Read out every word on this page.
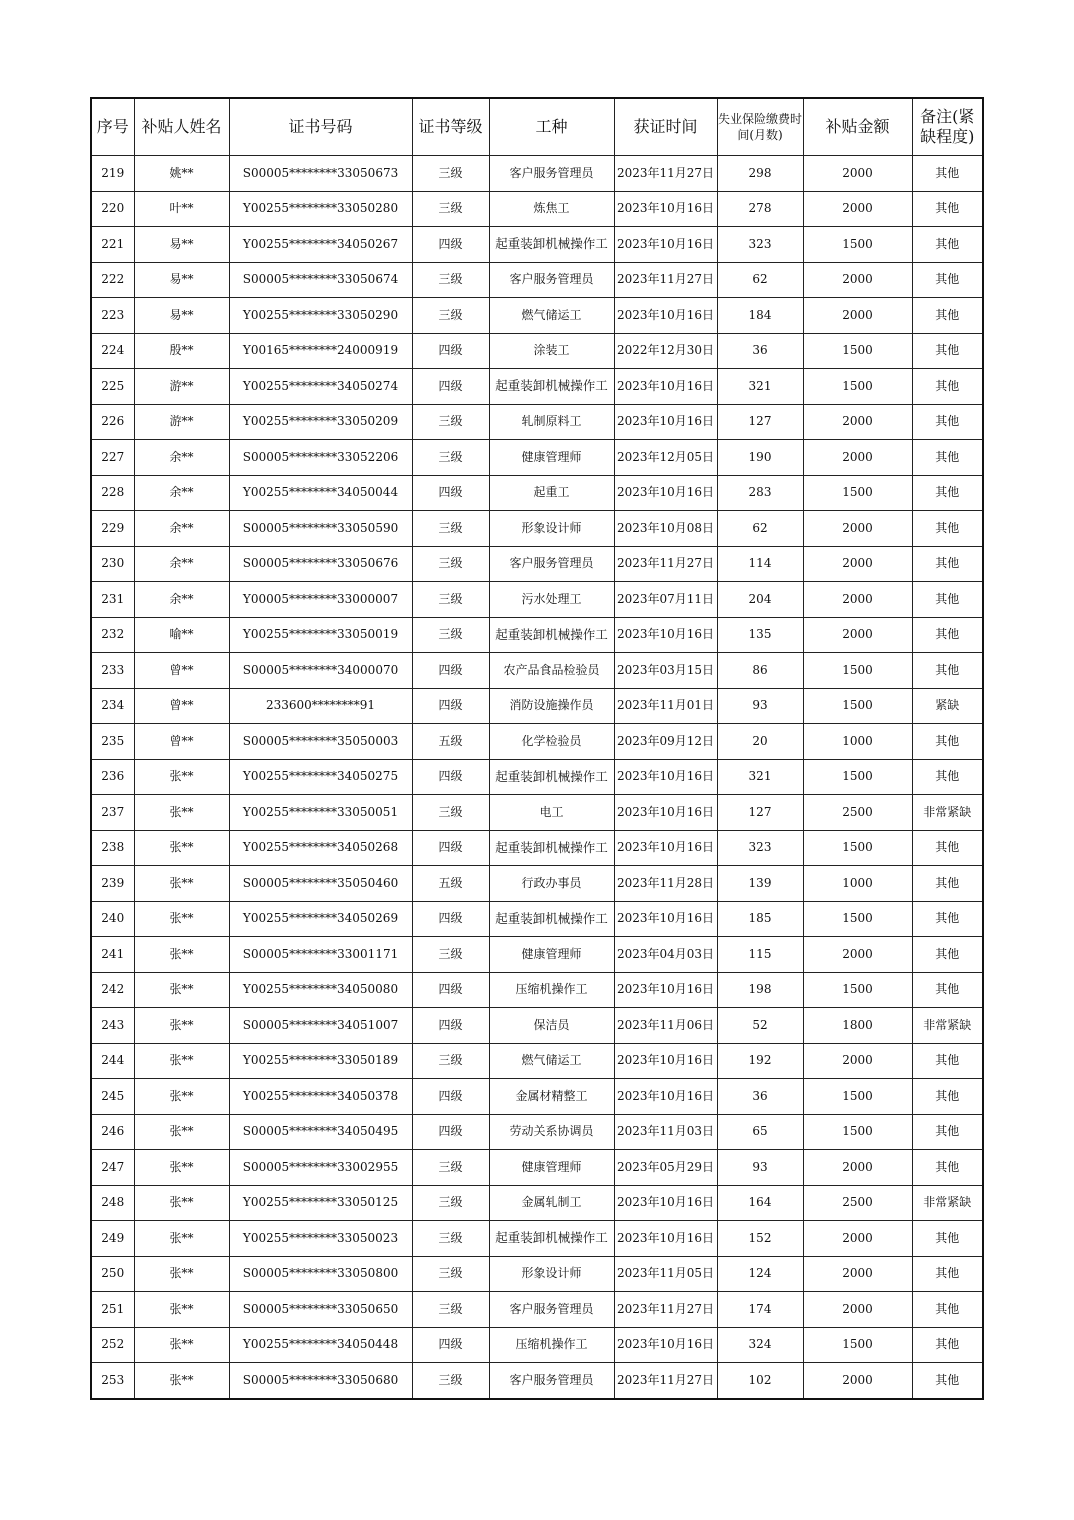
序号	补贴人姓名	证书号码	证书等级	工种	获证时间	失业保险缴费时间(月数)	补贴金额	备注(紧缺程度)
219	姚**	S00005********33050673	三级	客户服务管理员	2023年11月27日	298	2000	其他
220	叶**	Y00255********33050280	三级	炼焦工	2023年10月16日	278	2000	其他
221	易**	Y00255********34050267	四级	起重装卸机械操作工	2023年10月16日	323	1500	其他
222	易**	S00005********33050674	三级	客户服务管理员	2023年11月27日	62	2000	其他
223	易**	Y00255********33050290	三级	燃气储运工	2023年10月16日	184	2000	其他
224	殷**	Y00165********24000919	四级	涂装工	2022年12月30日	36	1500	其他
225	游**	Y00255********34050274	四级	起重装卸机械操作工	2023年10月16日	321	1500	其他
226	游**	Y00255********33050209	三级	轧制原料工	2023年10月16日	127	2000	其他
227	余**	S00005********33052206	三级	健康管理师	2023年12月05日	190	2000	其他
228	余**	Y00255********34050044	四级	起重工	2023年10月16日	283	1500	其他
229	余**	S00005********33050590	三级	形象设计师	2023年10月08日	62	2000	其他
230	余**	S00005********33050676	三级	客户服务管理员	2023年11月27日	114	2000	其他
231	余**	Y00005********33000007	三级	污水处理工	2023年07月11日	204	2000	其他
232	喻**	Y00255********33050019	三级	起重装卸机械操作工	2023年10月16日	135	2000	其他
233	曾**	S00005********34000070	四级	农产品食品检验员	2023年03月15日	86	1500	其他
234	曾**	233600********91	四级	消防设施操作员	2023年11月01日	93	1500	紧缺
235	曾**	S00005********35050003	五级	化学检验员	2023年09月12日	20	1000	其他
236	张**	Y00255********34050275	四级	起重装卸机械操作工	2023年10月16日	321	1500	其他
237	张**	Y00255********33050051	三级	电工	2023年10月16日	127	2500	非常紧缺
238	张**	Y00255********34050268	四级	起重装卸机械操作工	2023年10月16日	323	1500	其他
239	张**	S00005********35050460	五级	行政办事员	2023年11月28日	139	1000	其他
240	张**	Y00255********34050269	四级	起重装卸机械操作工	2023年10月16日	185	1500	其他
241	张**	S00005********33001171	三级	健康管理师	2023年04月03日	115	2000	其他
242	张**	Y00255********34050080	四级	压缩机操作工	2023年10月16日	198	1500	其他
243	张**	S00005********34051007	四级	保洁员	2023年11月06日	52	1800	非常紧缺
244	张**	Y00255********33050189	三级	燃气储运工	2023年10月16日	192	2000	其他
245	张**	Y00255********34050378	四级	金属材精整工	2023年10月16日	36	1500	其他
246	张**	S00005********34050495	四级	劳动关系协调员	2023年11月03日	65	1500	其他
247	张**	S00005********33002955	三级	健康管理师	2023年05月29日	93	2000	其他
248	张**	Y00255********33050125	三级	金属轧制工	2023年10月16日	164	2500	非常紧缺
249	张**	Y00255********33050023	三级	起重装卸机械操作工	2023年10月16日	152	2000	其他
250	张**	S00005********33050800	三级	形象设计师	2023年11月05日	124	2000	其他
251	张**	S00005********33050650	三级	客户服务管理员	2023年11月27日	174	2000	其他
252	张**	Y00255********34050448	四级	压缩机操作工	2023年10月16日	324	1500	其他
253	张**	S00005********33050680	三级	客户服务管理员	2023年11月27日	102	2000	其他
